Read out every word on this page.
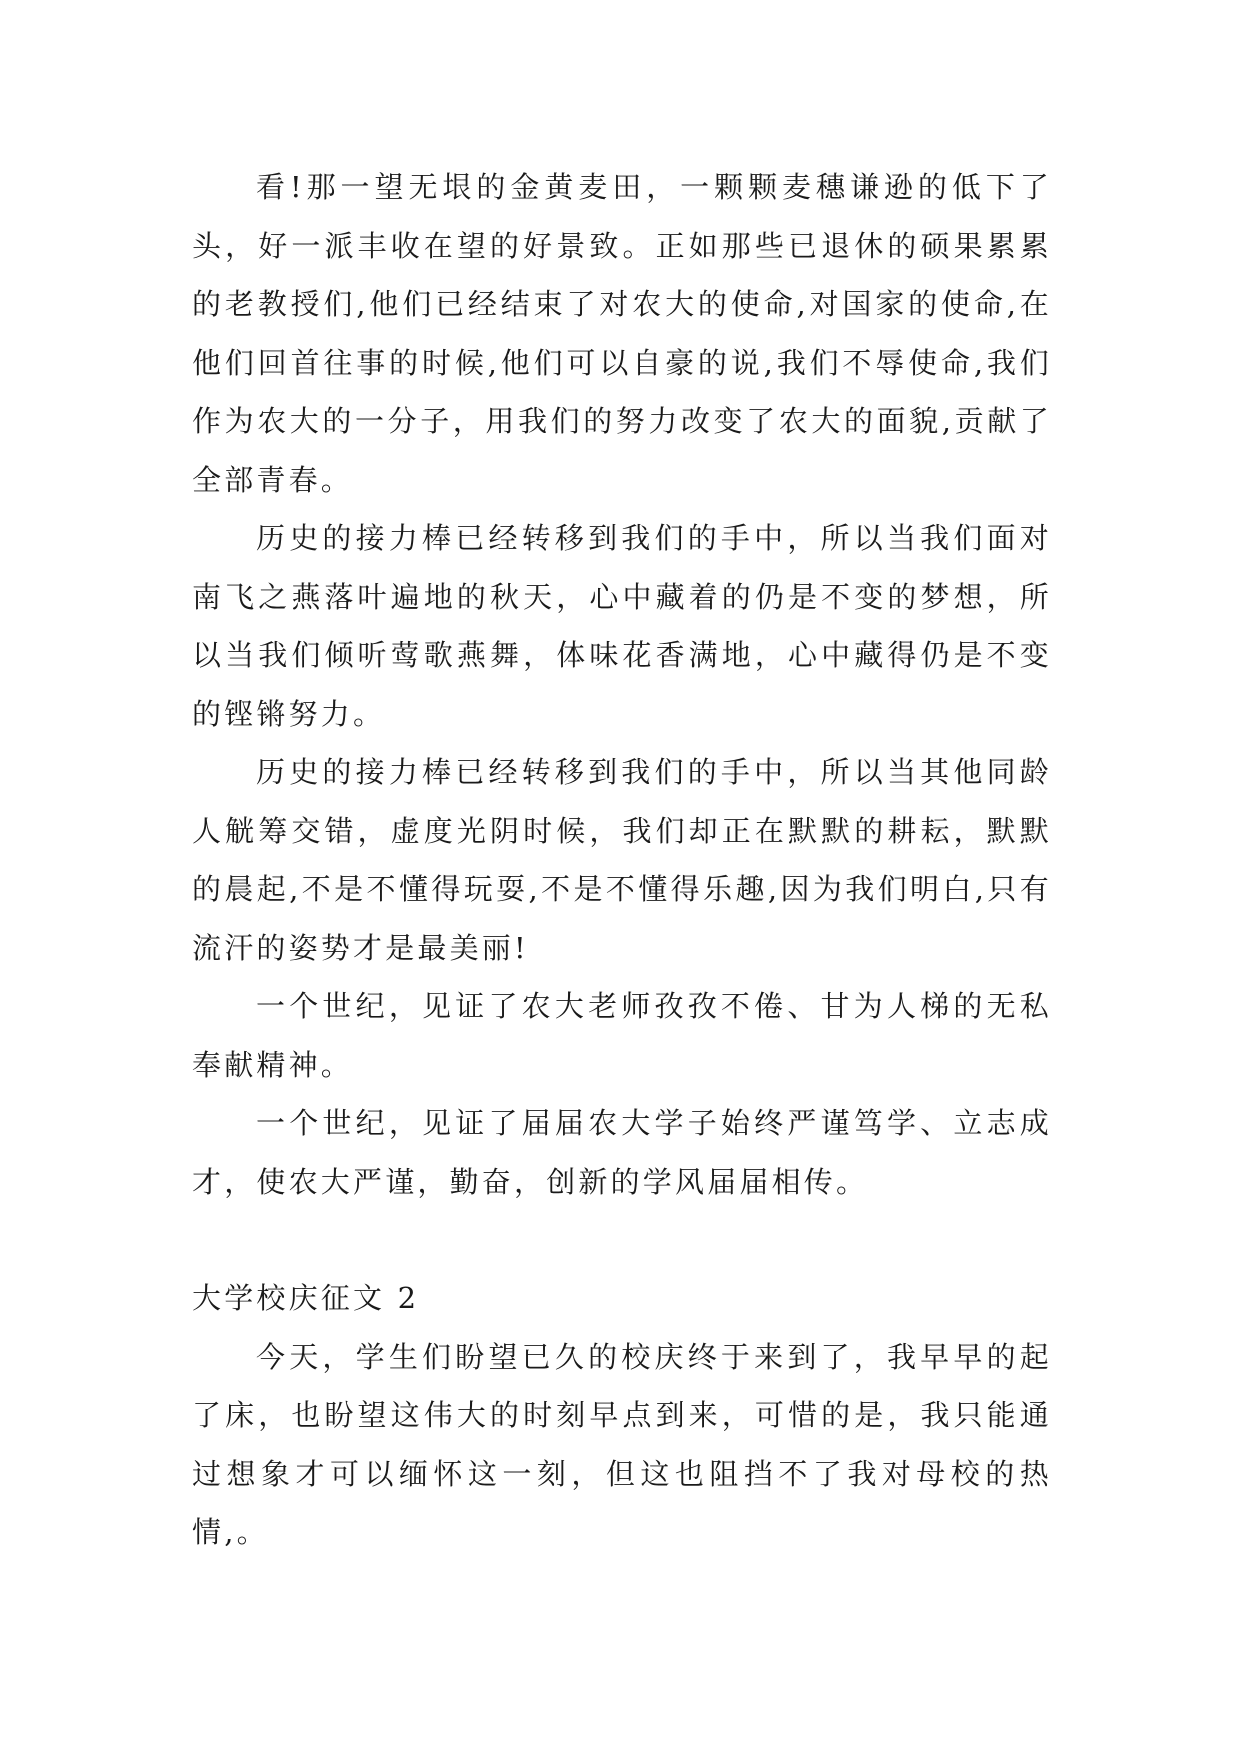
看!那一望无垠的金黄麦田，一颗颗麦穗谦逊的低下了头，好一派丰收在望的好景致。正如那些已退休的硕果累累的老教授们,他们已经结束了对农大的使命,对国家的使命,在他们回首往事的时候,他们可以自豪的说,我们不辱使命,我们作为农大的一分子，用我们的努力改变了农大的面貌,贡献了全部青春。

历史的接力棒已经转移到我们的手中，所以当我们面对南飞之燕落叶遍地的秋天，心中藏着的仍是不变的梦想，所以当我们倾听莺歌燕舞，体味花香满地，心中藏得仍是不变的铿锵努力。

历史的接力棒已经转移到我们的手中，所以当其他同龄人觥筹交错，虚度光阴时候，我们却正在默默的耕耘，默默的晨起,不是不懂得玩耍,不是不懂得乐趣,因为我们明白,只有流汗的姿势才是最美丽!

一个世纪，见证了农大老师孜孜不倦、甘为人梯的无私奉献精神。

一个世纪，见证了届届农大学子始终严谨笃学、立志成才，使农大严谨，勤奋，创新的学风届届相传。

大学校庆征文 2

今天，学生们盼望已久的校庆终于来到了，我早早的起了床，也盼望这伟大的时刻早点到来，可惜的是，我只能通过想象才可以缅怀这一刻，但这也阻挡不了我对母校的热情,。
